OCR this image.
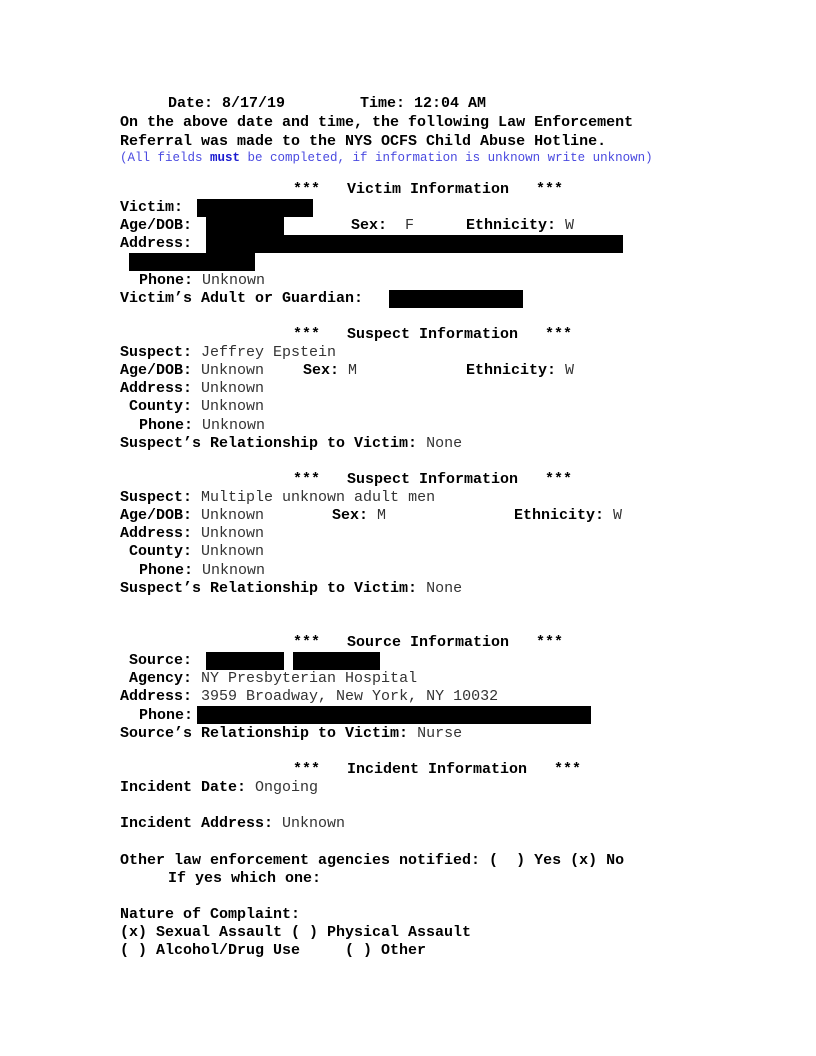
Date: 8/17/19	Time: 12:04 AM
On the above date and time, the following Law Enforcement
Referral was made to the NYS OCFS Child Abuse Hotline.
(All fields must be completed, if information is unknown write unknown)
***   Victim Information   ***
Victim:
Age/DOB:	Sex: F	Ethnicity: W
Address:
Phone: Unknown
Victim’s Adult or Guardian:
***   Suspect Information   ***
Suspect: Jeffrey Epstein
Age/DOB: Unknown	Sex: M	Ethnicity: W
Address: Unknown
County: Unknown
Phone: Unknown
Suspect’s Relationship to Victim: None
***   Suspect Information   ***
Suspect: Multiple unknown adult men
Age/DOB: Unknown	Sex: M	Ethnicity: W
Address: Unknown
County: Unknown
Phone: Unknown
Suspect’s Relationship to Victim: None
***   Source Information   ***
Source:
Agency: NY Presbyterian Hospital
Address: 3959 Broadway, New York, NY 10032
Phone:
Source’s Relationship to Victim: Nurse
***   Incident Information   ***
Incident Date: Ongoing
Incident Address: Unknown
Other law enforcement agencies notified: (  ) Yes (x) No
If yes which one:
Nature of Complaint:
(x) Sexual Assault ( ) Physical Assault
( ) Alcohol/Drug Use     ( ) Other
